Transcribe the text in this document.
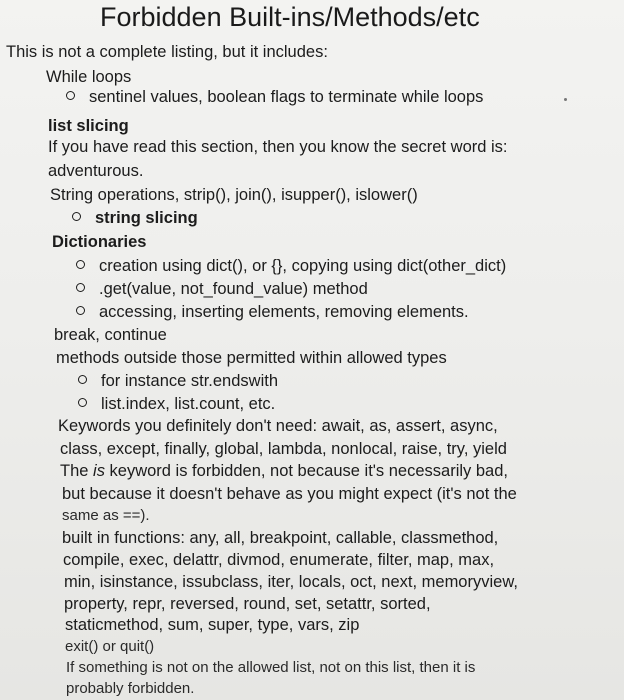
Forbidden Built-ins/Methods/etc
This is not a complete listing, but it includes:
While loops
sentinel values, boolean flags to terminate while loops
list slicing
If you have read this section, then you know the secret word is:
adventurous.
String operations, strip(), join(), isupper(), islower()
string slicing
Dictionaries
creation using dict(), or {}, copying using dict(other_dict)
.get(value, not_found_value) method
accessing, inserting elements, removing elements.
break, continue
methods outside those permitted within allowed types
for instance str.endswith
list.index, list.count, etc.
Keywords you definitely don't need: await, as, assert, async,
class, except, finally, global, lambda, nonlocal, raise, try, yield
The is keyword is forbidden, not because it's necessarily bad,
but because it doesn't behave as you might expect (it's not the
same as ==).
built in functions: any, all, breakpoint, callable, classmethod,
compile, exec, delattr, divmod, enumerate, filter, map, max,
min, isinstance, issubclass, iter, locals, oct, next, memoryview,
property, repr, reversed, round, set, setattr, sorted,
staticmethod, sum, super, type, vars, zip
exit() or quit()
If something is not on the allowed list, not on this list, then it is
probably forbidden.
